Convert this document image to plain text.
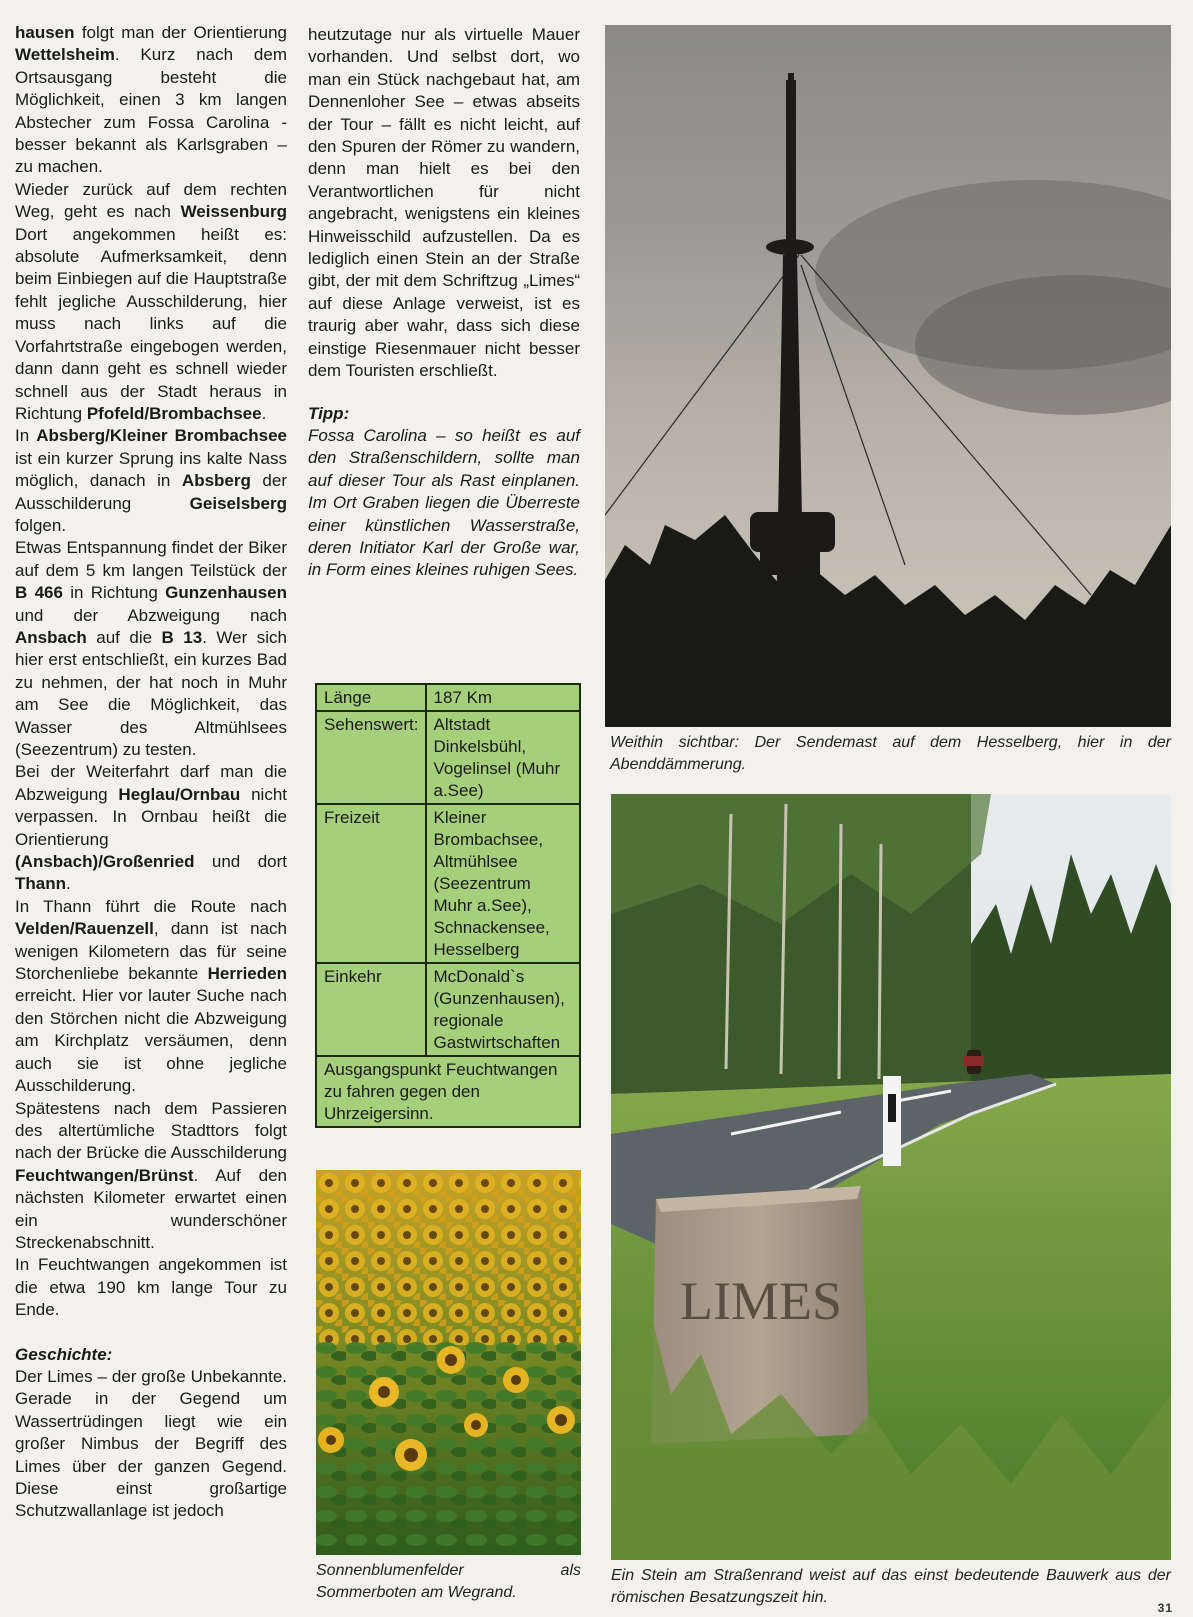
hausen folgt man der Orientierung Wettelsheim. Kurz nach dem Ortsausgang besteht die Möglichkeit, einen 3 km langen Abstecher zum Fossa Carolina - besser bekannt als Karlsgraben – zu machen.

Wieder zurück auf dem rechten Weg, geht es nach Weissenburg Dort angekommen heißt es: absolute Aufmerksamkeit, denn beim Einbiegen auf die Hauptstraße fehlt jegliche Ausschilderung, hier muss nach links auf die Vorfahrtstraße eingebogen werden, dann dann geht es schnell wieder schnell aus der Stadt heraus in Richtung Pfofeld/Brombachsee.

In Absberg/Kleiner Brombachsee ist ein kurzer Sprung ins kalte Nass möglich, danach in Absberg der Ausschilderung Geiselsberg folgen.

Etwas Entspannung findet der Biker auf dem 5 km langen Teilstück der B 466 in Richtung Gunzenhausen und der Abzweigung nach Ansbach auf die B 13. Wer sich hier erst entschließt, ein kurzes Bad zu nehmen, der hat noch in Muhr am See die Möglichkeit, das Wasser des Altmühlsees (Seezentrum) zu testen.

Bei der Weiterfahrt darf man die Abzweigung Heglau/Ornbau nicht verpassen. In Ornbau heißt die Orientierung (Ansbach)/Großenried und dort Thann.

In Thann führt die Route nach Velden/Rauenzell, dann ist nach wenigen Kilometern das für seine Storchenliebe bekannte Herrieden erreicht. Hier vor lauter Suche nach den Störchen nicht die Abzweigung am Kirchplatz versäumen, denn auch sie ist ohne jegliche Ausschilderung.

Spätestens nach dem Passieren des altertümliche Stadttors folgt nach der Brücke die Ausschilderung Feuchtwangen/Brünst. Auf den nächsten Kilometer erwartet einen ein wunderschöner Streckenabschnitt.

In Feuchtwangen angekommen ist die etwa 190 km lange Tour zu Ende.

Geschichte:

Der Limes – der große Unbekannte. Gerade in der Gegend um Wassertrüdingen liegt wie ein großer Nimbus der Begriff des Limes über der ganzen Gegend. Diese einst großartige Schutzwallanlage ist jedoch

heutzutage nur als virtuelle Mauer vorhanden. Und selbst dort, wo man ein Stück nachgebaut hat, am Dennenloher See – etwas abseits der Tour – fällt es nicht leicht, auf den Spuren der Römer zu wandern, denn man hielt es bei den Verantwortlichen für nicht angebracht, wenigstens ein kleines Hinweisschild aufzustellen. Da es lediglich einen Stein an der Straße gibt, der mit dem Schriftzug „Limes“ auf diese Anlage verweist, ist es traurig aber wahr, dass sich diese einstige Riesenmauer nicht besser dem Touristen erschließt.

Tipp:

Fossa Carolina – so heißt es auf den Straßenschildern, sollte man auf dieser Tour als Rast einplanen. Im Ort Graben liegen die Überreste einer künstlichen Wasserstraße, deren Initiator Karl der Große war, in Form eines kleines ruhigen Sees.

Länge	187 Km
Sehenswert:	Altstadt Dinkelsbühl, Vogelinsel (Muhr a.See)
Freizeit	Kleiner Brombachsee, Altmühlsee (Seezentrum Muhr a.See), Schnackensee, Hesselberg
Einkehr	McDonald`s (Gunzenhausen), regionale Gastwirtschaften
Ausgangspunkt Feuchtwangen zu fahren gegen den Uhrzeigersinn.	

Sonnenblumenfelder als Sommerboten am Wegrand.

Weithin sichtbar: Der Sendemast auf dem Hesselberg, hier in der Abenddämmerung.

LIMES

Ein Stein am Straßenrand weist auf das einst bedeutende Bauwerk aus der römischen Besatzungszeit hin.

31
